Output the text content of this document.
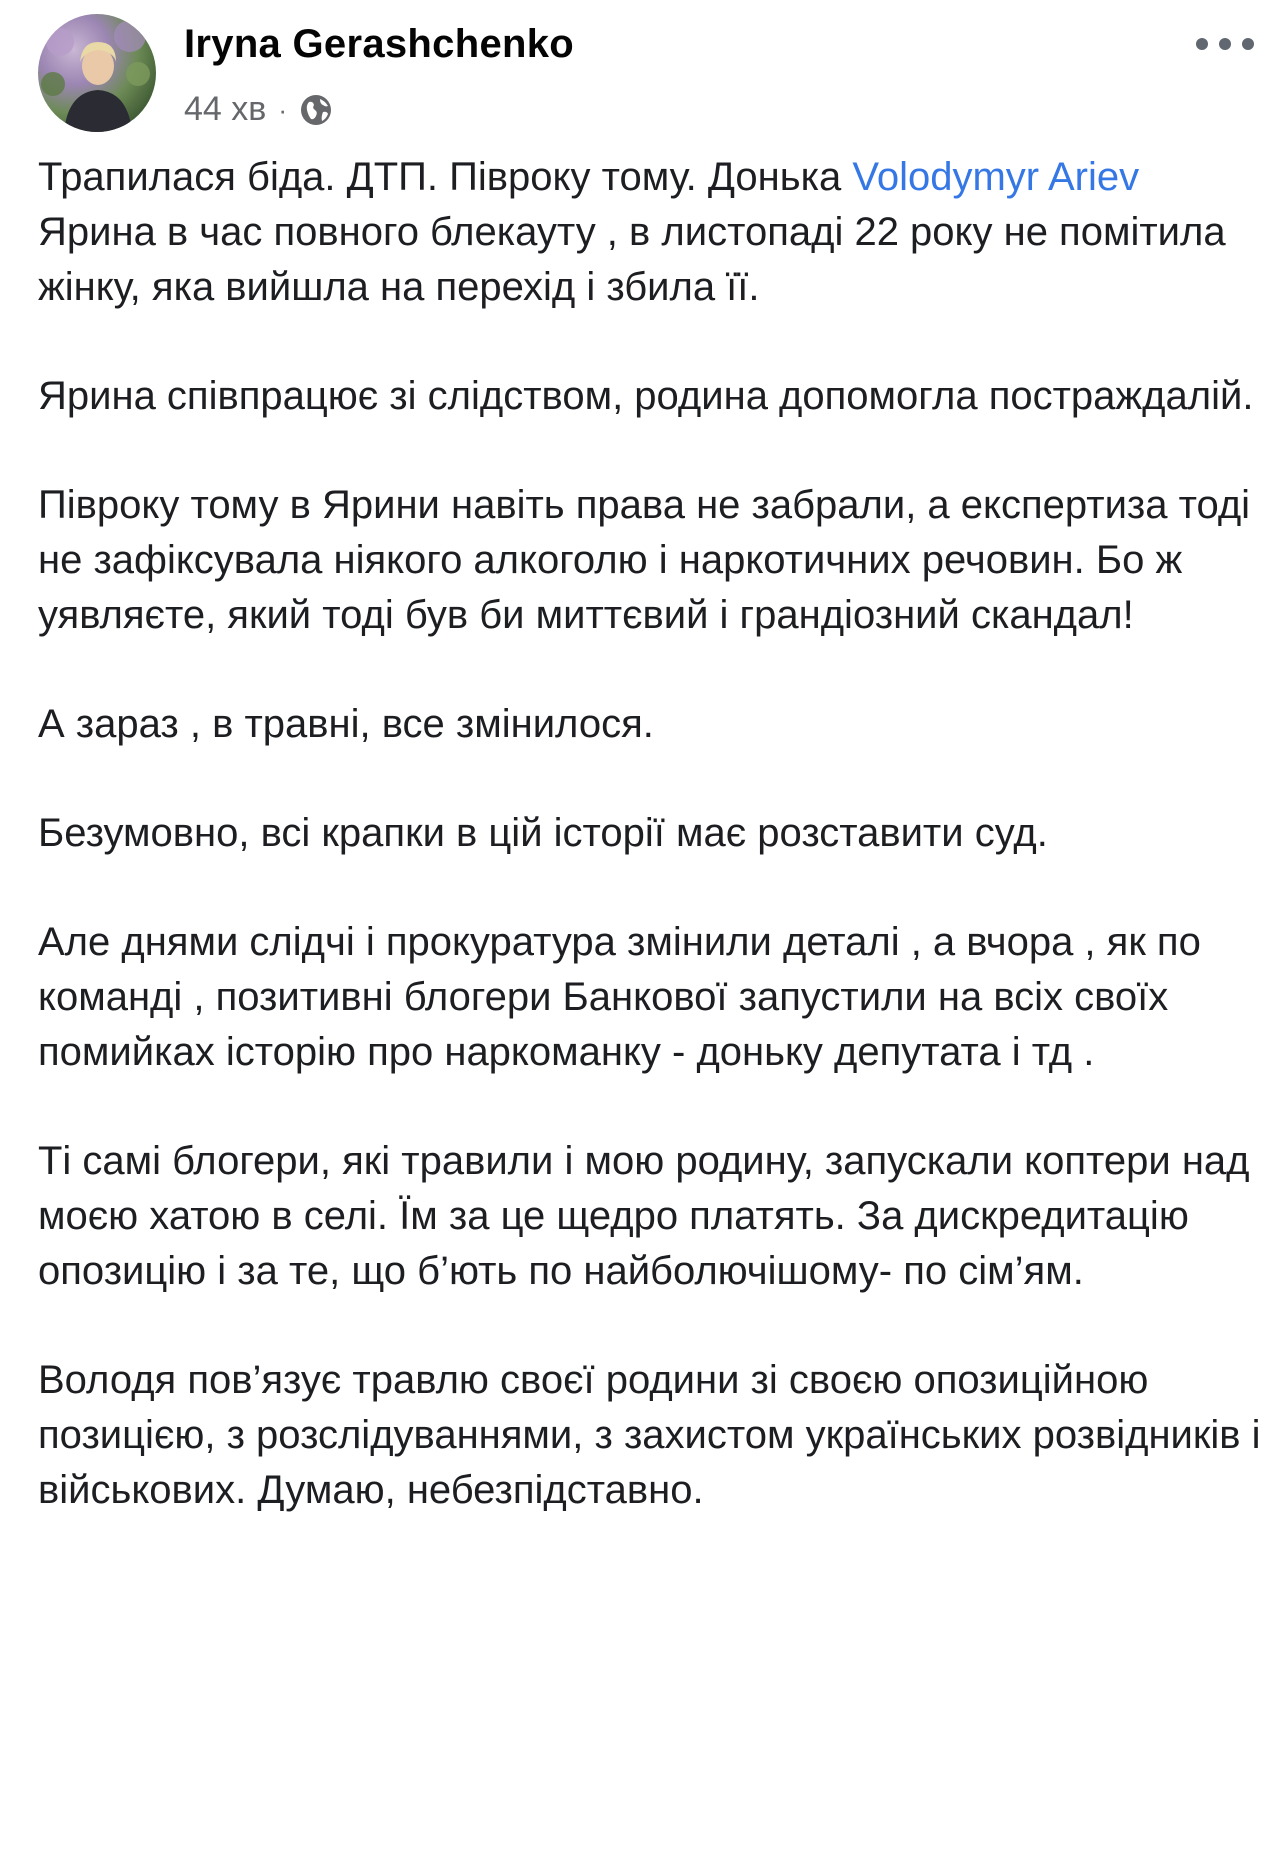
Iryna Gerashchenko
44 хв ·

Трапилася біда. ДТП. Півроку тому. Донька Volodymyr Ariev Ярина в час повного блекауту , в листопаді 22 року не помітила жінку, яка вийшла на перехід і збила її.

Ярина співпрацює зі слідством, родина допомогла постраждалій.

Півроку тому в Ярини навіть права не забрали, а експертиза тоді не зафіксувала ніякого алкоголю і наркотичних речовин. Бо ж уявляєте, який тоді був би миттєвий і грандіозний скандал!

А зараз , в травні, все змінилося.

Безумовно, всі крапки в цій історії має розставити суд.

Але днями слідчі і прокуратура змінили деталі , а вчора , як по команді , позитивні блогери Банкової запустили на всіх своїх помийках історію про наркоманку - доньку депутата і тд .

Ті самі блогери, які травили і мою родину, запускали коптери над моєю хатою в селі. Їм за це щедро платять. За дискредитацію опозицію і за те, що б’ють по найболючішому- по сім’ям.

Володя пов’язує травлю своєї родини зі своєю опозиційною позицією, з розслідуваннями, з захистом українських розвідників і військових. Думаю, небезпідставно.
